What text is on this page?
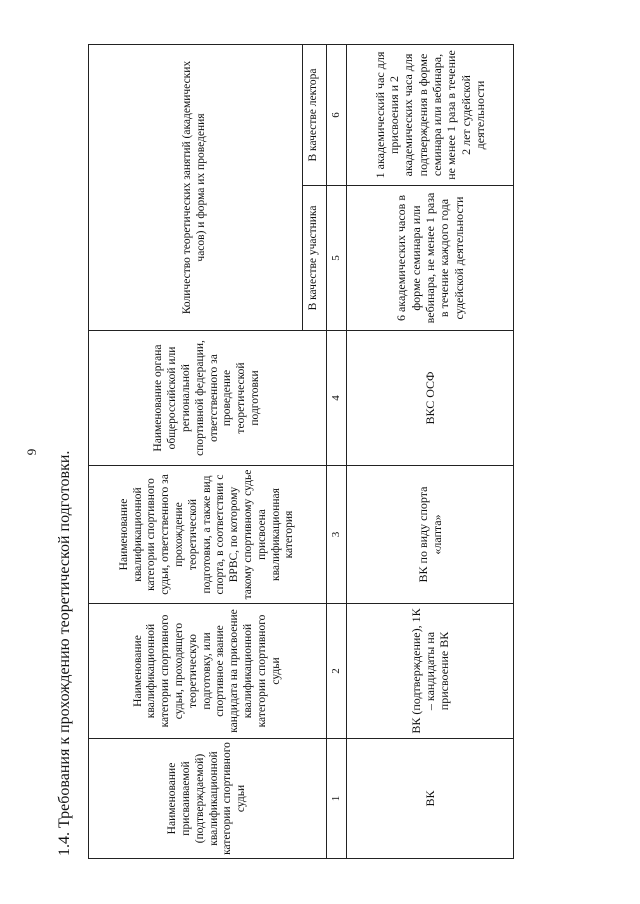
9 1.4. Требования к прохождению теоретической подготовки.	Наименование присваиваемой (подтверждаемой) квалификационной категории спортивного судьи	Наименование квалификационной категории спортивного судьи, проходящего теоретическую подготовку, или спортивное звание кандидата на присвоение квалификационной категории спортивного судьи	Наименование квалификационной категории спортивного судьи, ответственного за прохождение теоретической подготовки, а также вид спорта, в соответствии с ВРВС, по которому такому спортивному судье присвоена квалификационная категория	Наименование органа общероссийской или региональной спортивной федерации, ответственного за проведение теоретической подготовки	Количество теоретических занятий (академических часов) и форма их проведения	
				В качестве участника	В качестве лектора
1	2	3	4	5	6
ВК	ВК (подтверждение), 1К – кандидаты на присвоение ВК	ВК по виду спорта «лапта»	ВКС ОСФ	6 академических часов в форме семинара или вебинара, не менее 1 раза в течение каждого года судейской деятельности	1 академический час для присвоения и 2 академических часа для подтверждения в форме семинара или вебинара, не менее 1 раза в течение 2 лет судейской деятельности
